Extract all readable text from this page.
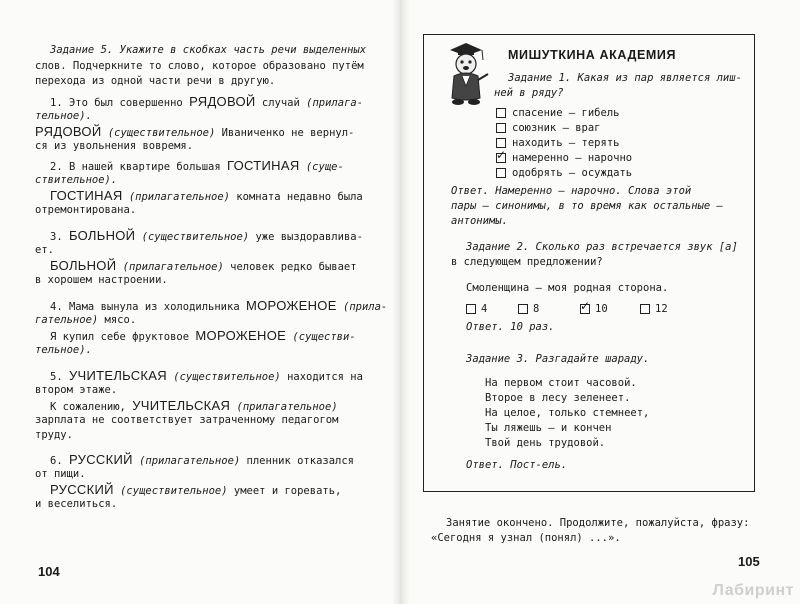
Задание 5. Укажите в скобках часть речи выделенных
слов. Подчеркните то слово, которое образовано путём
перехода из одной части речи в другую.
1. Это был совершенно РЯДОВОЙ случай (прилага-
тельное).
РЯДОВОЙ (существительное) Иваниченко не вернул-
ся из увольнения вовремя.
2. В нашей квартире большая ГОСТИНАЯ (суще-
ствительное).
ГОСТИНАЯ (прилагательное) комната недавно была
отремонтирована.
3. БОЛЬНОЙ (существительное) уже выздоравлива-
ет.
БОЛЬНОЙ (прилагательное) человек редко бывает
в хорошем настроении.
4. Мама вынула из холодильника МОРОЖЕНОЕ (прила-
гательное) мясо.
Я купил себе фруктовое МОРОЖЕНОЕ (существи-
тельное).
5. УЧИТЕЛЬСКАЯ (существительное) находится на
втором этаже.
К сожалению, УЧИТЕЛЬСКАЯ (прилагательное)
зарплата не соответствует затраченному педагогом
труду.
6. РУССКИЙ (прилагательное) пленник отказался
от пищи.
РУССКИЙ (существительное) умеет и горевать,
и веселиться.
104
МИШУТКИНА АКАДЕМИЯ
Задание 1. Какая из пар является лиш-
ней в ряду?
спасение – гибель
союзник – враг
находить – терять
✓ намеренно – нарочно
одобрять – осуждать
Ответ. Намеренно – нарочно. Слова этой
пары – синонимы, в то время как остальные –
антонимы.
Задание 2. Сколько раз встречается звук [а]
в следующем предложении?
Смоленщина – моя родная сторона.
4	8	✓ 10	12
Ответ. 10 раз.
Задание 3. Разгадайте шараду.
На первом стоит часовой.
Второе в лесу зеленеет.
На целое, только стемнеет,
Ты ляжешь – и кончен
Твой день трудовой.
Ответ. Пост-ель.
Занятие окончено. Продолжите, пожалуйста, фразу:
«Сегодня я узнал (понял) ...».
105
Лабиринт
